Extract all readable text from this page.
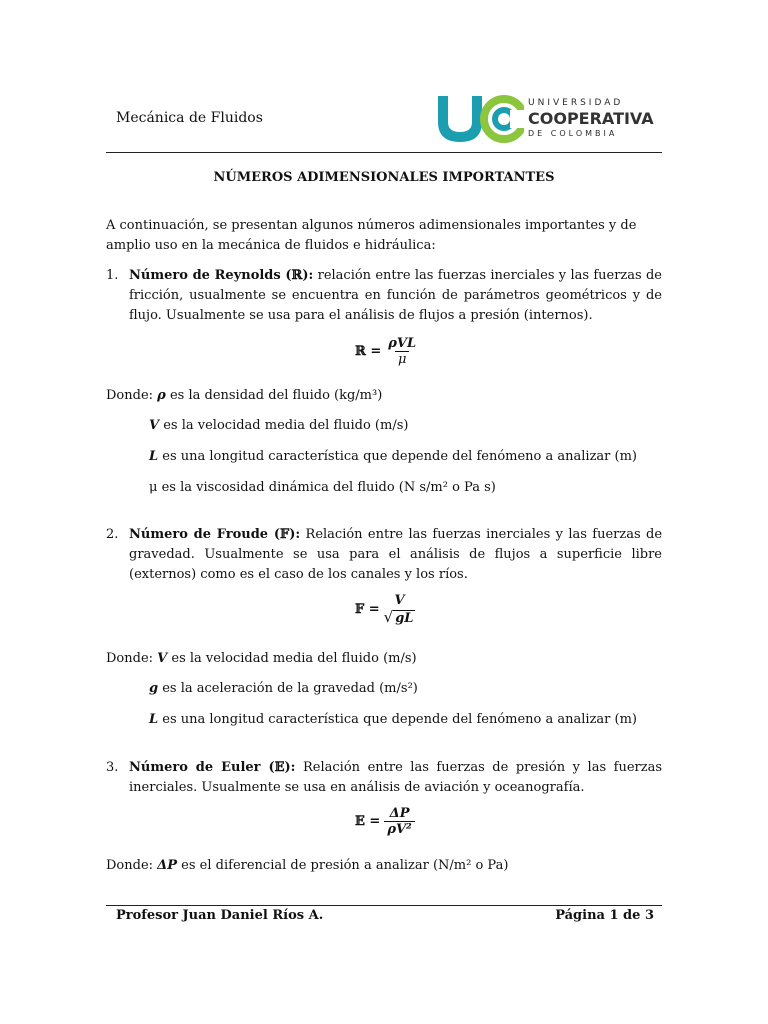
Mecánica de Fluidos
UNIVERSIDAD
COOPERATIVA
DE COLOMBIA
NÚMEROS ADIMENSIONALES IMPORTANTES
A continuación, se presentan algunos números adimensionales importantes y de amplio uso en la mecánica de fluidos e hidráulica:
1. Número de Reynolds (ℝ): relación entre las fuerzas inerciales y las fuerzas de fricción, usualmente se encuentra en función de parámetros geométricos y de flujo. Usualmente se usa para el análisis de flujos a presión (internos).
ℝ = $\frac{\text{ρVL}}{\mu}$
Donde: ρ es la densidad del fluido (kg/m³)
V es la velocidad media del fluido (m/s)
L es una longitud característica que depende del fenómeno a analizar (m)
μ es la viscosidad dinámica del fluido (N s/m² o Pa s)
2. Número de Froude (𝔽): Relación entre las fuerzas inerciales y las fuerzas de gravedad. Usualmente se usa para el análisis de flujos a superficie libre (externos) como es el caso de los canales y los ríos.
𝔽 =
V
√ gL
Donde: V es la velocidad media del fluido (m/s)
g es la aceleración de la gravedad (m/s²)
L es una longitud característica que depende del fenómeno a analizar (m)
3. Número de Euler (𝔼): Relación entre las fuerzas de presión y las fuerzas inerciales. Usualmente se usa en análisis de aviación y oceanografía.
𝔼 = $\frac{\Delta P}{\text{ρV²}}$
Donde: ΔP es el diferencial de presión a analizar (N/m² o Pa)
Profesor Juan Daniel Ríos A.	Página 1 de 3
